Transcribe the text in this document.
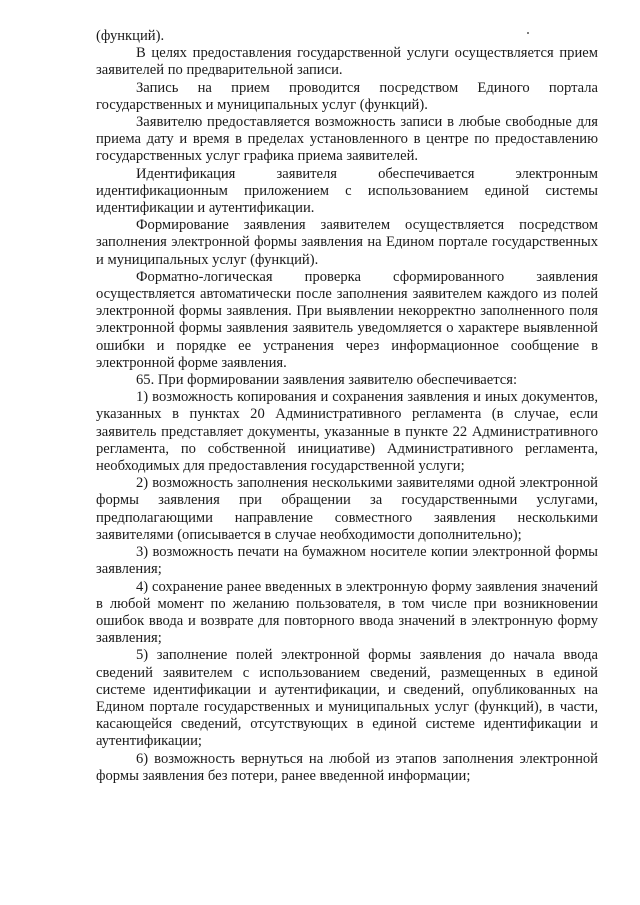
(функций).

В целях предоставления государственной услуги осуществляется прием заявителей по предварительной записи.

Запись на прием проводится посредством Единого портала государственных и муниципальных услуг (функций).

Заявителю предоставляется возможность записи в любые свободные для приема дату и время в пределах установленного в центре по предоставлению государственных услуг графика приема заявителей.

Идентификация заявителя обеспечивается электронным идентификационным приложением с использованием единой системы идентификации и аутентификации.

Формирование заявления заявителем осуществляется посредством заполнения электронной формы заявления на Едином портале государственных и муниципальных услуг (функций).

Форматно-логическая проверка сформированного заявления осуществляется автоматически после заполнения заявителем каждого из полей электронной формы заявления. При выявлении некорректно заполненного поля электронной формы заявления заявитель уведомляется о характере выявленной ошибки и порядке ее устранения через информационное сообщение в электронной форме заявления.

65. При формировании заявления заявителю обеспечивается:

1) возможность копирования и сохранения заявления и иных документов, указанных в пунктах 20 Административного регламента (в случае, если заявитель представляет документы, указанные в пункте 22 Административного регламента, по собственной инициативе) Административного регламента, необходимых для предоставления государственной услуги;

2) возможность заполнения несколькими заявителями одной электронной формы заявления при обращении за государственными услугами, предполагающими направление совместного заявления несколькими заявителями (описывается в случае необходимости дополнительно);

3) возможность печати на бумажном носителе копии электронной формы заявления;

4) сохранение ранее введенных в электронную форму заявления значений в любой момент по желанию пользователя, в том числе при возникновении ошибок ввода и возврате для повторного ввода значений в электронную форму заявления;

5) заполнение полей электронной формы заявления до начала ввода сведений заявителем с использованием сведений, размещенных в единой системе идентификации и аутентификации, и сведений, опубликованных на Едином портале государственных и муниципальных услуг (функций), в части, касающейся сведений, отсутствующих в единой системе идентификации и аутентификации;

6) возможность вернуться на любой из этапов заполнения электронной формы заявления без потери, ранее введенной информации;
